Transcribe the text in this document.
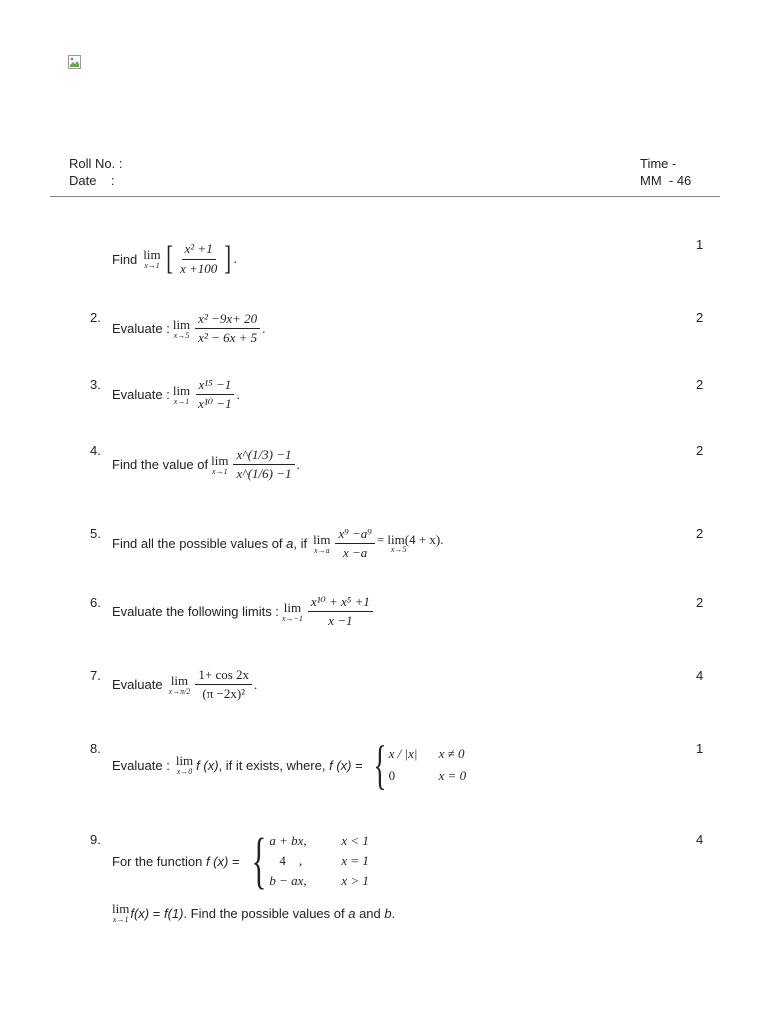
Roll No. :
Date    :
Time -
MM  - 46
1
Find lim
x→1 [ $\frac{\text{x² +1}}{x +100}$ ] .
2.	2
Evaluate : lim
$x\to 5 \frac{\text{x² −9x+ 20}}{\text{x² − 6x + 5}}$ .
3.	2
Evaluate : lim
$x\to 1 \frac{\text{x¹⁵ −1}}{\text{x¹⁰ −1}}$ .
4.	2
Find the value of lim
$x\to 1 \frac{x\^{}(1/3) -1}{x\^{}(1/6) -1}$ .
5.	2
Find all the possible values of
a , if lim
$x\to a \frac{\text{x⁹ −a⁹}}{x -a} = \lim(4 + x)$.
x→5
6.	2
Evaluate the following limits : lim
$x\to-1 \frac{\text{x¹⁰ + x⁵ +1}}{x -1}$
7.	4
Evaluate lim
$x\to\pi/2 \frac{1+ \cos 2x}{\text{(π −2x)²}}$ .
8.	1
Evaluate : lim
x→0 f (x) , if it exists, where,
f (x)
= { x / |x| x ≠ 0
0	x = 0
9.	4
For the function
f (x)
= { a + bx,	x < 1
4    ,	x = 1
b − ax,	x > 1
lim
x→1 f(x) = f(1) . Find the possible values of
a and b .
